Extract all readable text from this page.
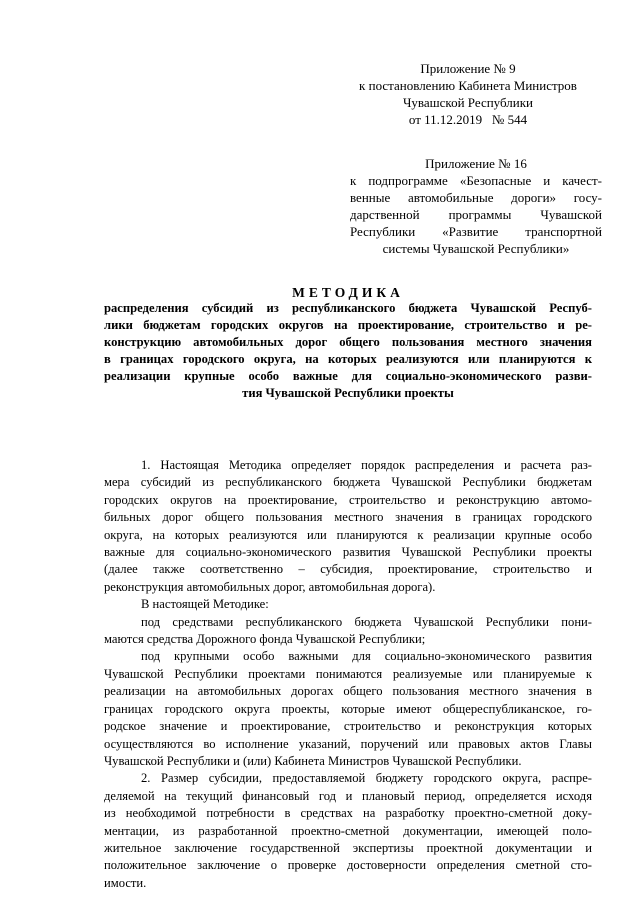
Приложение № 9
к постановлению Кабинета Министров
Чувашской Республики
от 11.12.2019   № 544
Приложение № 16
к подпрограмме «Безопасные и качест-
венные автомобильные дороги» госу-
дарственной программы Чувашской
Республики «Развитие транспортной
системы Чувашской Республики»
МЕТОДИКА
распределения субсидий из республиканского бюджета Чувашской Респуб-
лики бюджетам городских округов на проектирование, строительство и ре-
конструкцию автомобильных дорог общего пользования местного значения
в границах городского округа, на которых реализуются или планируются к
реализации крупные особо важные для социально-экономического разви-
тия Чувашской Республики проекты
1. Настоящая Методика определяет порядок распределения и расчета раз-
мера субсидий из республиканского бюджета Чувашской Республики бюджетам
городских округов на проектирование, строительство и реконструкцию автомо-
бильных дорог общего пользования местного значения в границах городского
округа, на которых реализуются или планируются к реализации крупные особо
важные для социально-экономического развития Чувашской Республики проекты
(далее также соответственно – субсидия, проектирование, строительство и
реконструкция автомобильных дорог, автомобильная дорога).
В настоящей Методике:
под средствами республиканского бюджета Чувашской Республики пони-
маются средства Дорожного фонда Чувашской Республики;
под крупными особо важными для социально-экономического развития
Чувашской Республики проектами понимаются реализуемые или планируемые к
реализации на автомобильных дорогах общего пользования местного значения в
границах городского округа проекты, которые имеют общереспубликанское, го-
родское значение и проектирование, строительство и реконструкция которых
осуществляются во исполнение указаний, поручений или правовых актов Главы
Чувашской Республики и (или) Кабинета Министров Чувашской Республики.
2. Размер субсидии, предоставляемой бюджету городского округа, распре-
деляемой на текущий финансовый год и плановый период, определяется исходя
из необходимой потребности в средствах на разработку проектно-сметной доку-
ментации, из разработанной проектно-сметной документации, имеющей поло-
жительное заключение государственной экспертизы проектной документации и
положительное заключение о проверке достоверности определения сметной сто-
имости.
